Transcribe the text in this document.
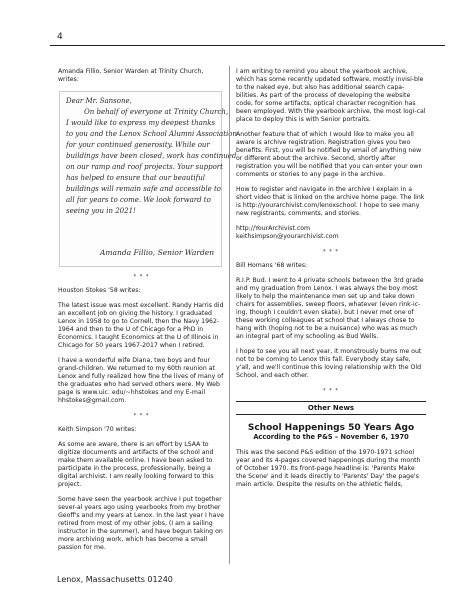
4

Amanda Fillio, Senior Warden at Trinity Church, writes:

Dear Mr. Sansone,
On behalf of everyone at Trinity Church,
I would like to express my deepest thanks
to you and the Lenox School Alumni Association
for your continued generosity. While our
buildings have been closed, work has continued
on our ramp and roof projects. Your support
has helped to ensure that our beautiful
buildings will remain safe and accessible to
all for years to come. We look forward to
seeing you in 2021!
Amanda Fillio, Senior Warden
* * *

Houston Stokes '58 writes:

The latest issue was most excellent. Randy Harris did an excellent job on giving the history. I graduated Lenox in 1958 to go to Cornell, then the Navy 1962-1964 and then to the U of Chicago for a PhD in Economics. I taught Economics at the U of Illinois in Chicago for 50 years 1967-2017 when I retired.

I have a wonderful wife Diana, two boys and four grand-children. We returned to my 60th reunion at Lenox and fully realized how fine the lives of many of the graduates who had served others were. My Web page is www.uic. edu/~hhstokes and my E-mail hhstokes@gmail.com.

* * *

Keith Simpson '70 writes:

As some are aware, there is an effort by LSAA to digitize documents and artifacts of the school and make them available online. I have been asked to participate in the process, professionally, being a digital archivist. I am really looking forward to this project.

Some have seen the yearbook archive I put together sever-al years ago using yearbooks from my brother Geoff's and my years at Lenox. In the last year I have retired from most of my other jobs, (I am a sailing instructor in the summer), and have begun taking on more archiving work, which has become a small passion for me.

I am writing to remind you about the yearbook archive, which has some recently updated software, mostly invisi-ble to the naked eye, but also has additional search capa-bilities. As part of the process of developing the website code, for some artifacts, optical character recognition has been employed. With the yearbook archive, the most logi-cal place to deploy this is with Senior portraits.

Another feature that of which I would like to make you all aware is archive registration. Registration gives you two benefits. First, you will be notified by email of anything new or different about the archive. Second, shortly after registration you will be notified that you can enter your own comments or stories to any page in the archive.

How to register and navigate in the archive I explain in a short video that is linked on the archive home page. The link is http://yourarchivist.com/lenoxschool. I hope to see many new registrants, comments, and stories.

http://YourArchivist.com

keithsimpson@yourarchivist.com

* * *

Bill Homans '68 writes:

R.I.P. Bud. I went to 4 private schools between the 3rd grade and my graduation from Lenox. I was always the boy most likely to help the maintenance men set up and take down chairs for assemblies, sweep floors, whatever (even rink-ic-ing, though I couldn't even skate), but I never met one of these working colleagues at school that I always chose to hang with (hoping not to be a nuisance) who was as much an integral part of my schooling as Bud Wells.

I hope to see you all next year, it monstrously bums me out not to be coming to Lenox this fall. Everybody stay safe, y'all, and we'll continue this loving relationship with the Old School, and each other.

* * *
Other News

School Happenings 50 Years Ago

According to the P&S – November 6, 1970

This was the second P&S edition of the 1970-1971 school year and its 4-pages covered happenings during the month of October 1970. Its front-page headline is: 'Parents Make the Scene' and it leads directly to 'Parents' Day' the page's main article. Despite the results on the athletic fields,

Lenox, Massachusetts 01240
